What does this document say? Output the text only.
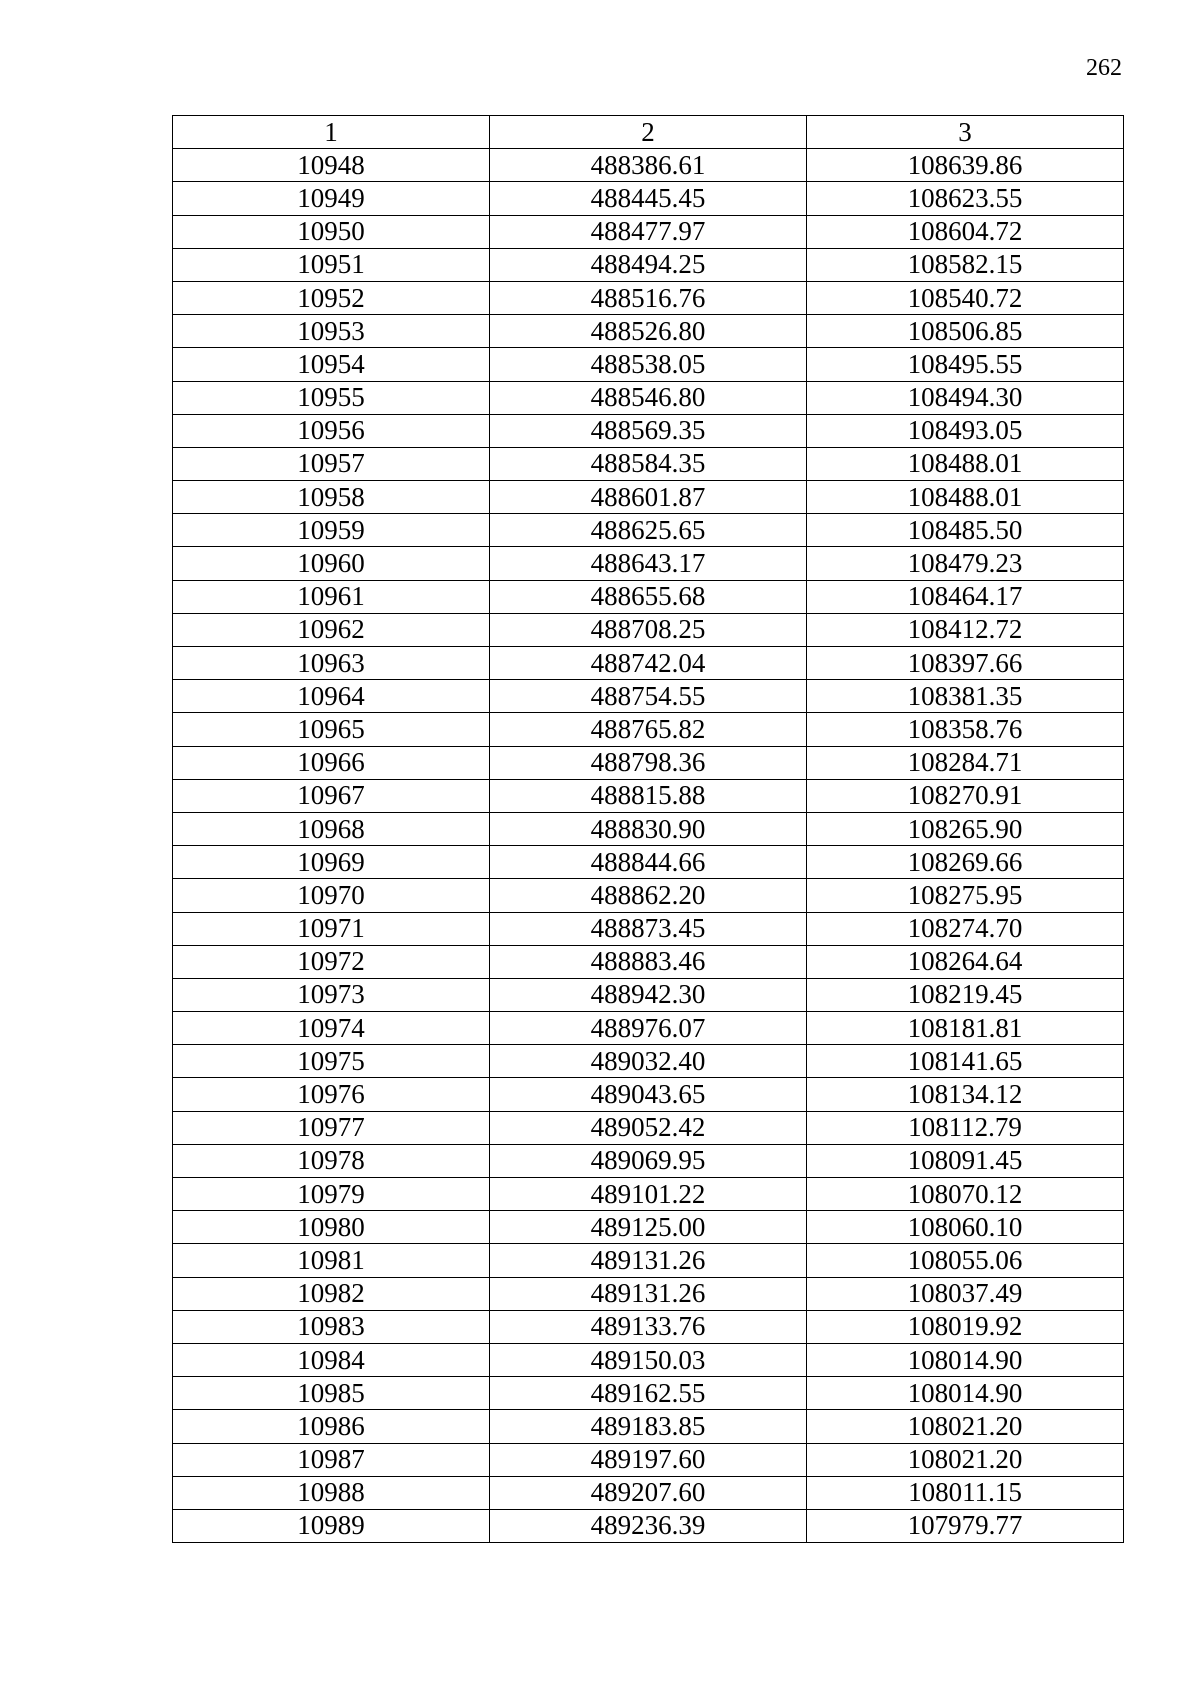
262
1	2	3
10948	488386.61	108639.86
10949	488445.45	108623.55
10950	488477.97	108604.72
10951	488494.25	108582.15
10952	488516.76	108540.72
10953	488526.80	108506.85
10954	488538.05	108495.55
10955	488546.80	108494.30
10956	488569.35	108493.05
10957	488584.35	108488.01
10958	488601.87	108488.01
10959	488625.65	108485.50
10960	488643.17	108479.23
10961	488655.68	108464.17
10962	488708.25	108412.72
10963	488742.04	108397.66
10964	488754.55	108381.35
10965	488765.82	108358.76
10966	488798.36	108284.71
10967	488815.88	108270.91
10968	488830.90	108265.90
10969	488844.66	108269.66
10970	488862.20	108275.95
10971	488873.45	108274.70
10972	488883.46	108264.64
10973	488942.30	108219.45
10974	488976.07	108181.81
10975	489032.40	108141.65
10976	489043.65	108134.12
10977	489052.42	108112.79
10978	489069.95	108091.45
10979	489101.22	108070.12
10980	489125.00	108060.10
10981	489131.26	108055.06
10982	489131.26	108037.49
10983	489133.76	108019.92
10984	489150.03	108014.90
10985	489162.55	108014.90
10986	489183.85	108021.20
10987	489197.60	108021.20
10988	489207.60	108011.15
10989	489236.39	107979.77
